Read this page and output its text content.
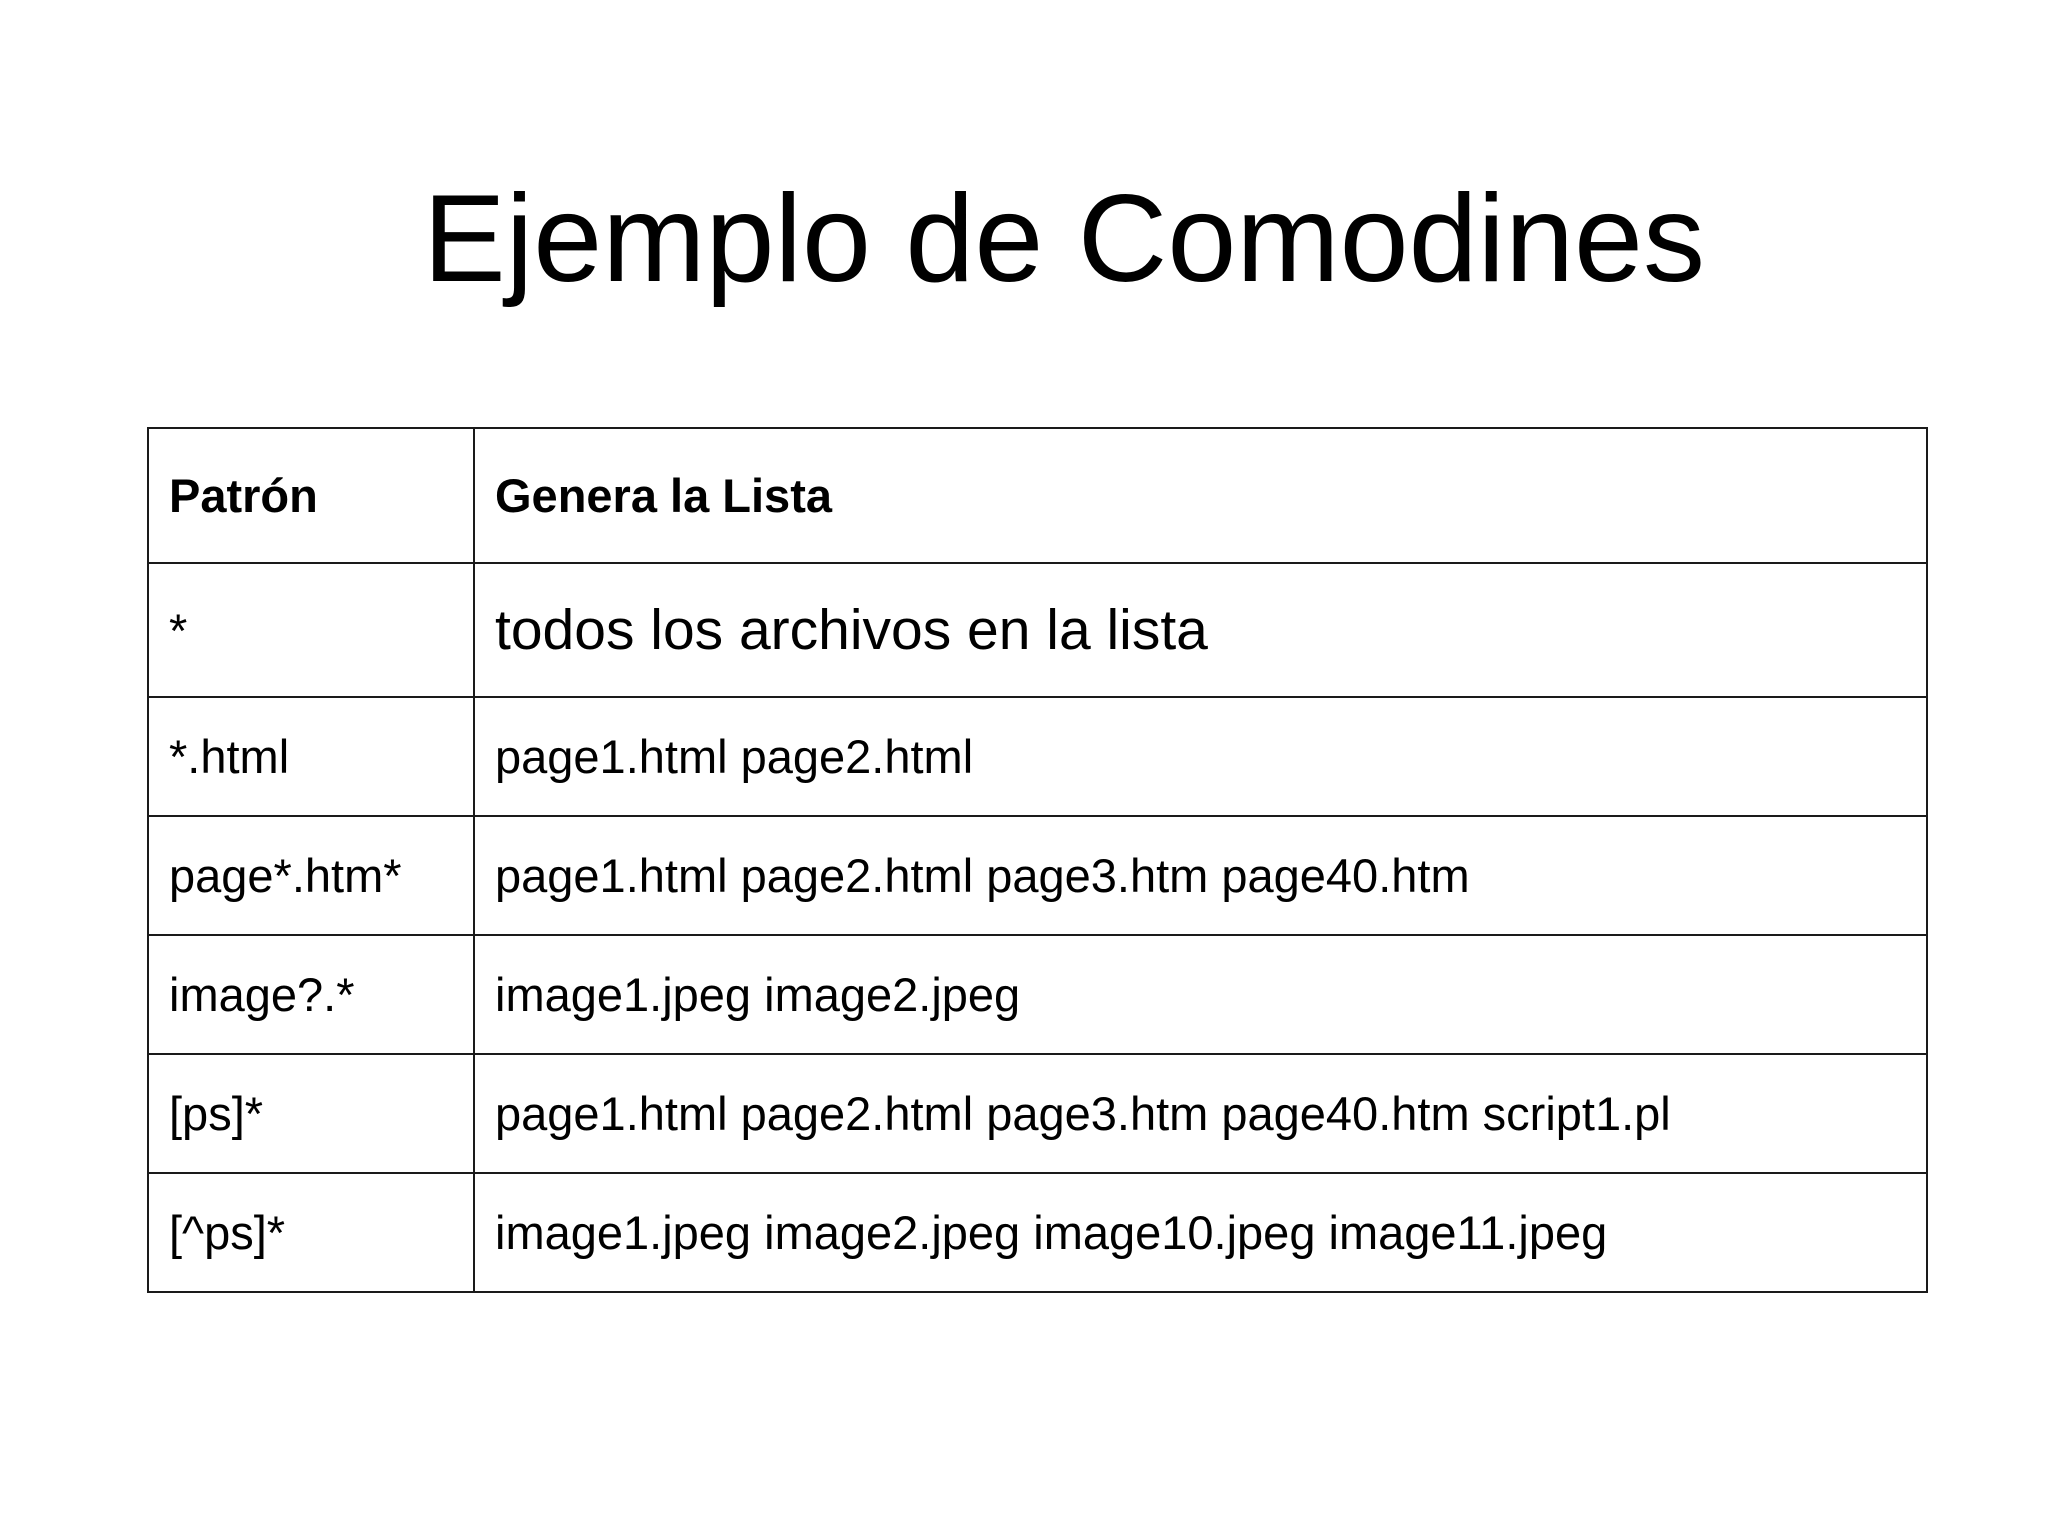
Ejemplo de Comodines
Patrón	Genera la Lista
*	todos los archivos en la lista
*.html	page1.html page2.html
page*.htm*	page1.html page2.html page3.htm page40.htm
image?.*	image1.jpeg image2.jpeg
[ps]*	page1.html page2.html page3.htm page40.htm script1.pl
[^ps]*	image1.jpeg image2.jpeg image10.jpeg image11.jpeg
